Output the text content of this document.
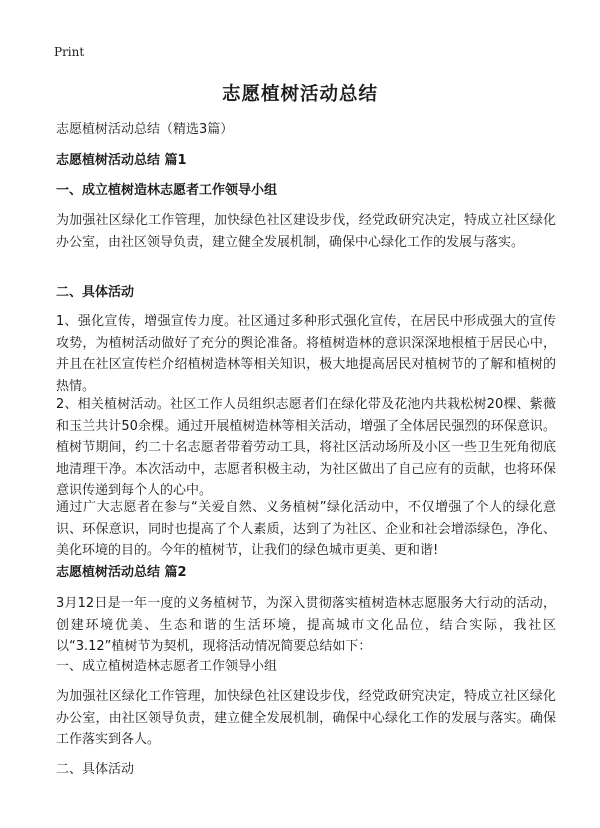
Print
志愿植树活动总结
志愿植树活动总结（精选3篇）
志愿植树活动总结 篇1
一、成立植树造林志愿者工作领导小组
为加强社区绿化工作管理，加快绿色社区建设步伐，经党政研究决定，特成立社区绿化办公室，由社区领导负责，建立健全发展机制，确保中心绿化工作的发展与落实。
二、具体活动
1、强化宣传，增强宣传力度。社区通过多种形式强化宣传，在居民中形成强大的宣传攻势，为植树活动做好了充分的舆论准备。将植树造林的意识深深地根植于居民心中，并且在社区宣传栏介绍植树造林等相关知识，极大地提高居民对植树节的了解和植树的热情。
2、相关植树活动。社区工作人员组织志愿者们在绿化带及花池内共栽松树20棵、紫薇和玉兰共计50余棵。通过开展植树造林等相关活动，增强了全体居民强烈的环保意识。植树节期间，约二十名志愿者带着劳动工具，将社区活动场所及小区一些卫生死角彻底地清理干净。本次活动中，志愿者积极主动，为社区做出了自己应有的贡献，也将环保意识传递到每个人的心中。
通过广大志愿者在参与“关爱自然、义务植树”绿化活动中，不仅增强了个人的绿化意识、环保意识，同时也提高了个人素质，达到了为社区、企业和社会增添绿色，净化、美化环境的目的。今年的植树节，让我们的绿色城市更美、更和谐!
志愿植树活动总结 篇2
3月12日是一年一度的义务植树节，为深入贯彻落实植树造林志愿服务大行动的活动，创建环境优美、生态和谐的生活环境，提高城市文化品位，结合实际，我社区以“3.12”植树节为契机，现将活动情况简要总结如下：
一、成立植树造林志愿者工作领导小组
为加强社区绿化工作管理，加快绿色社区建设步伐，经党政研究决定，特成立社区绿化办公室，由社区领导负责，建立健全发展机制，确保中心绿化工作的发展与落实。确保工作落实到各人。
二、具体活动
